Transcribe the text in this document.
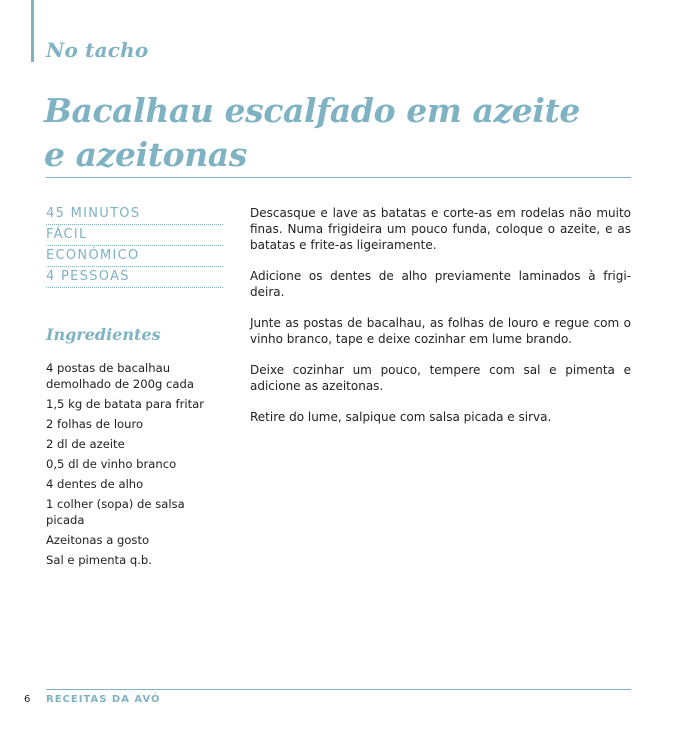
No tacho
Bacalhau escalfado em azeite
e azeitonas
45 MINUTOS
FÁCIL
ECONÓMICO
4 PESSOAS
Ingredientes
4 postas de bacalhau demolhado de 200g cada
1,5 kg de batata para fritar
2 folhas de louro
2 dl de azeite
0,5 dl de vinho branco
4 dentes de alho
1 colher (sopa) de salsa picada
Azeitonas a gosto
Sal e pimenta q.b.

Descasque e lave as batatas e corte-as em rodelas não muito finas. Numa frigideira um pouco funda, coloque o azeite, e as batatas e frite-as ligeiramente.

Adicione os dentes de alho previamente laminados à frigi-deira.

Junte as postas de bacalhau, as folhas de louro e regue com o vinho branco, tape e deixe cozinhar em lume brando.

Deixe cozinhar um pouco, tempere com sal e pimenta e adicione as azeitonas.

Retire do lume, salpique com salsa picada e sirva.

6 RECEITAS DA AVÓ
